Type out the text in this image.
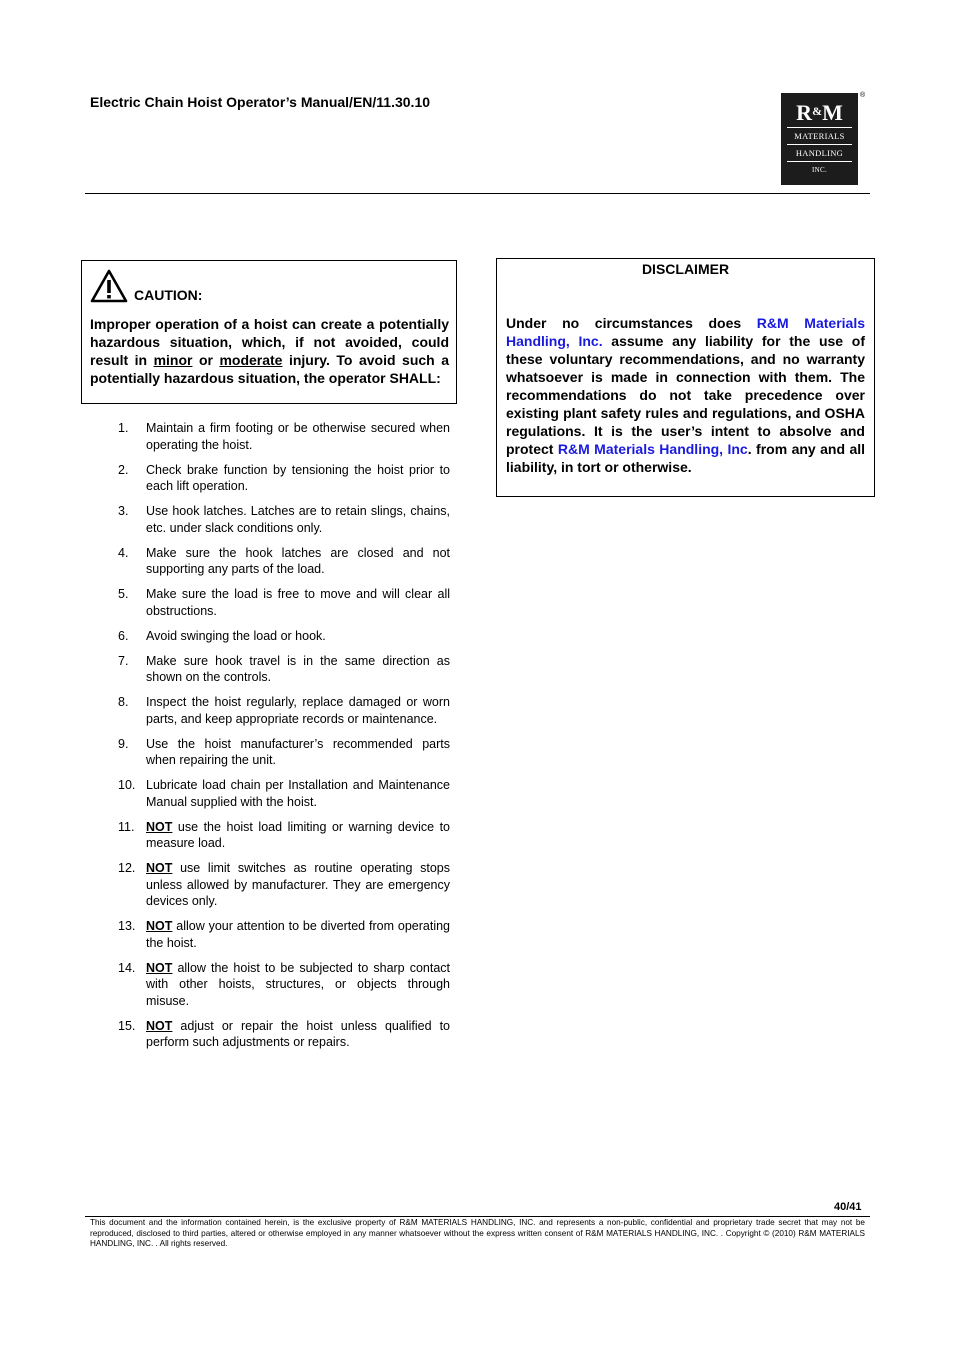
Electric Chain Hoist Operator’s Manual/EN/11.30.10	R&M
MATERIALS
HANDLING
INC.
®
CAUTION:
Improper operation of a hoist can create a potentially hazardous situation, which, if not avoided, could result in minor or moderate injury. To avoid such a potentially hazardous situation, the operator SHALL:
1. Maintain a firm footing or be otherwise secured when operating the hoist.
2. Check brake function by tensioning the hoist prior to each lift operation.
3. Use hook latches. Latches are to retain slings, chains, etc. under slack conditions only.
4. Make sure the hook latches are closed and not supporting any parts of the load.
5. Make sure the load is free to move and will clear all obstructions.
6. Avoid swinging the load or hook.
7. Make sure hook travel is in the same direction as shown on the controls.
8. Inspect the hoist regularly, replace damaged or worn parts, and keep appropriate records or maintenance.
9. Use the hoist manufacturer’s recommended parts when repairing the unit.
10. Lubricate load chain per Installation and Maintenance Manual supplied with the hoist.
11. NOT use the hoist load limiting or warning device to measure load.
12. NOT use limit switches as routine operating stops unless allowed by manufacturer. They are emergency devices only.
13. NOT allow your attention to be diverted from operating the hoist.
14. NOT allow the hoist to be subjected to sharp contact with other hoists, structures, or objects through misuse.
15. NOT adjust or repair the hoist unless qualified to perform such adjustments or repairs.
DISCLAIMER
Under no circumstances does R&M Materials Handling, Inc. assume any liability for the use of these voluntary recommendations, and no warranty whatsoever is made in connection with them. The recommendations do not take precedence over existing plant safety rules and regulations, and OSHA regulations. It is the user’s intent to absolve and protect R&M Materials Handling, Inc. from any and all liability, in tort or otherwise.
40/41
This document and the information contained herein, is the exclusive property of R&M MATERIALS HANDLING, INC. and represents a non-public, confidential and proprietary trade secret that may not be reproduced, disclosed to third parties, altered or otherwise employed in any manner whatsoever without the express written consent of R&M MATERIALS HANDLING, INC. . Copyright © (2010) R&M MATERIALS HANDLING, INC. . All rights reserved.
